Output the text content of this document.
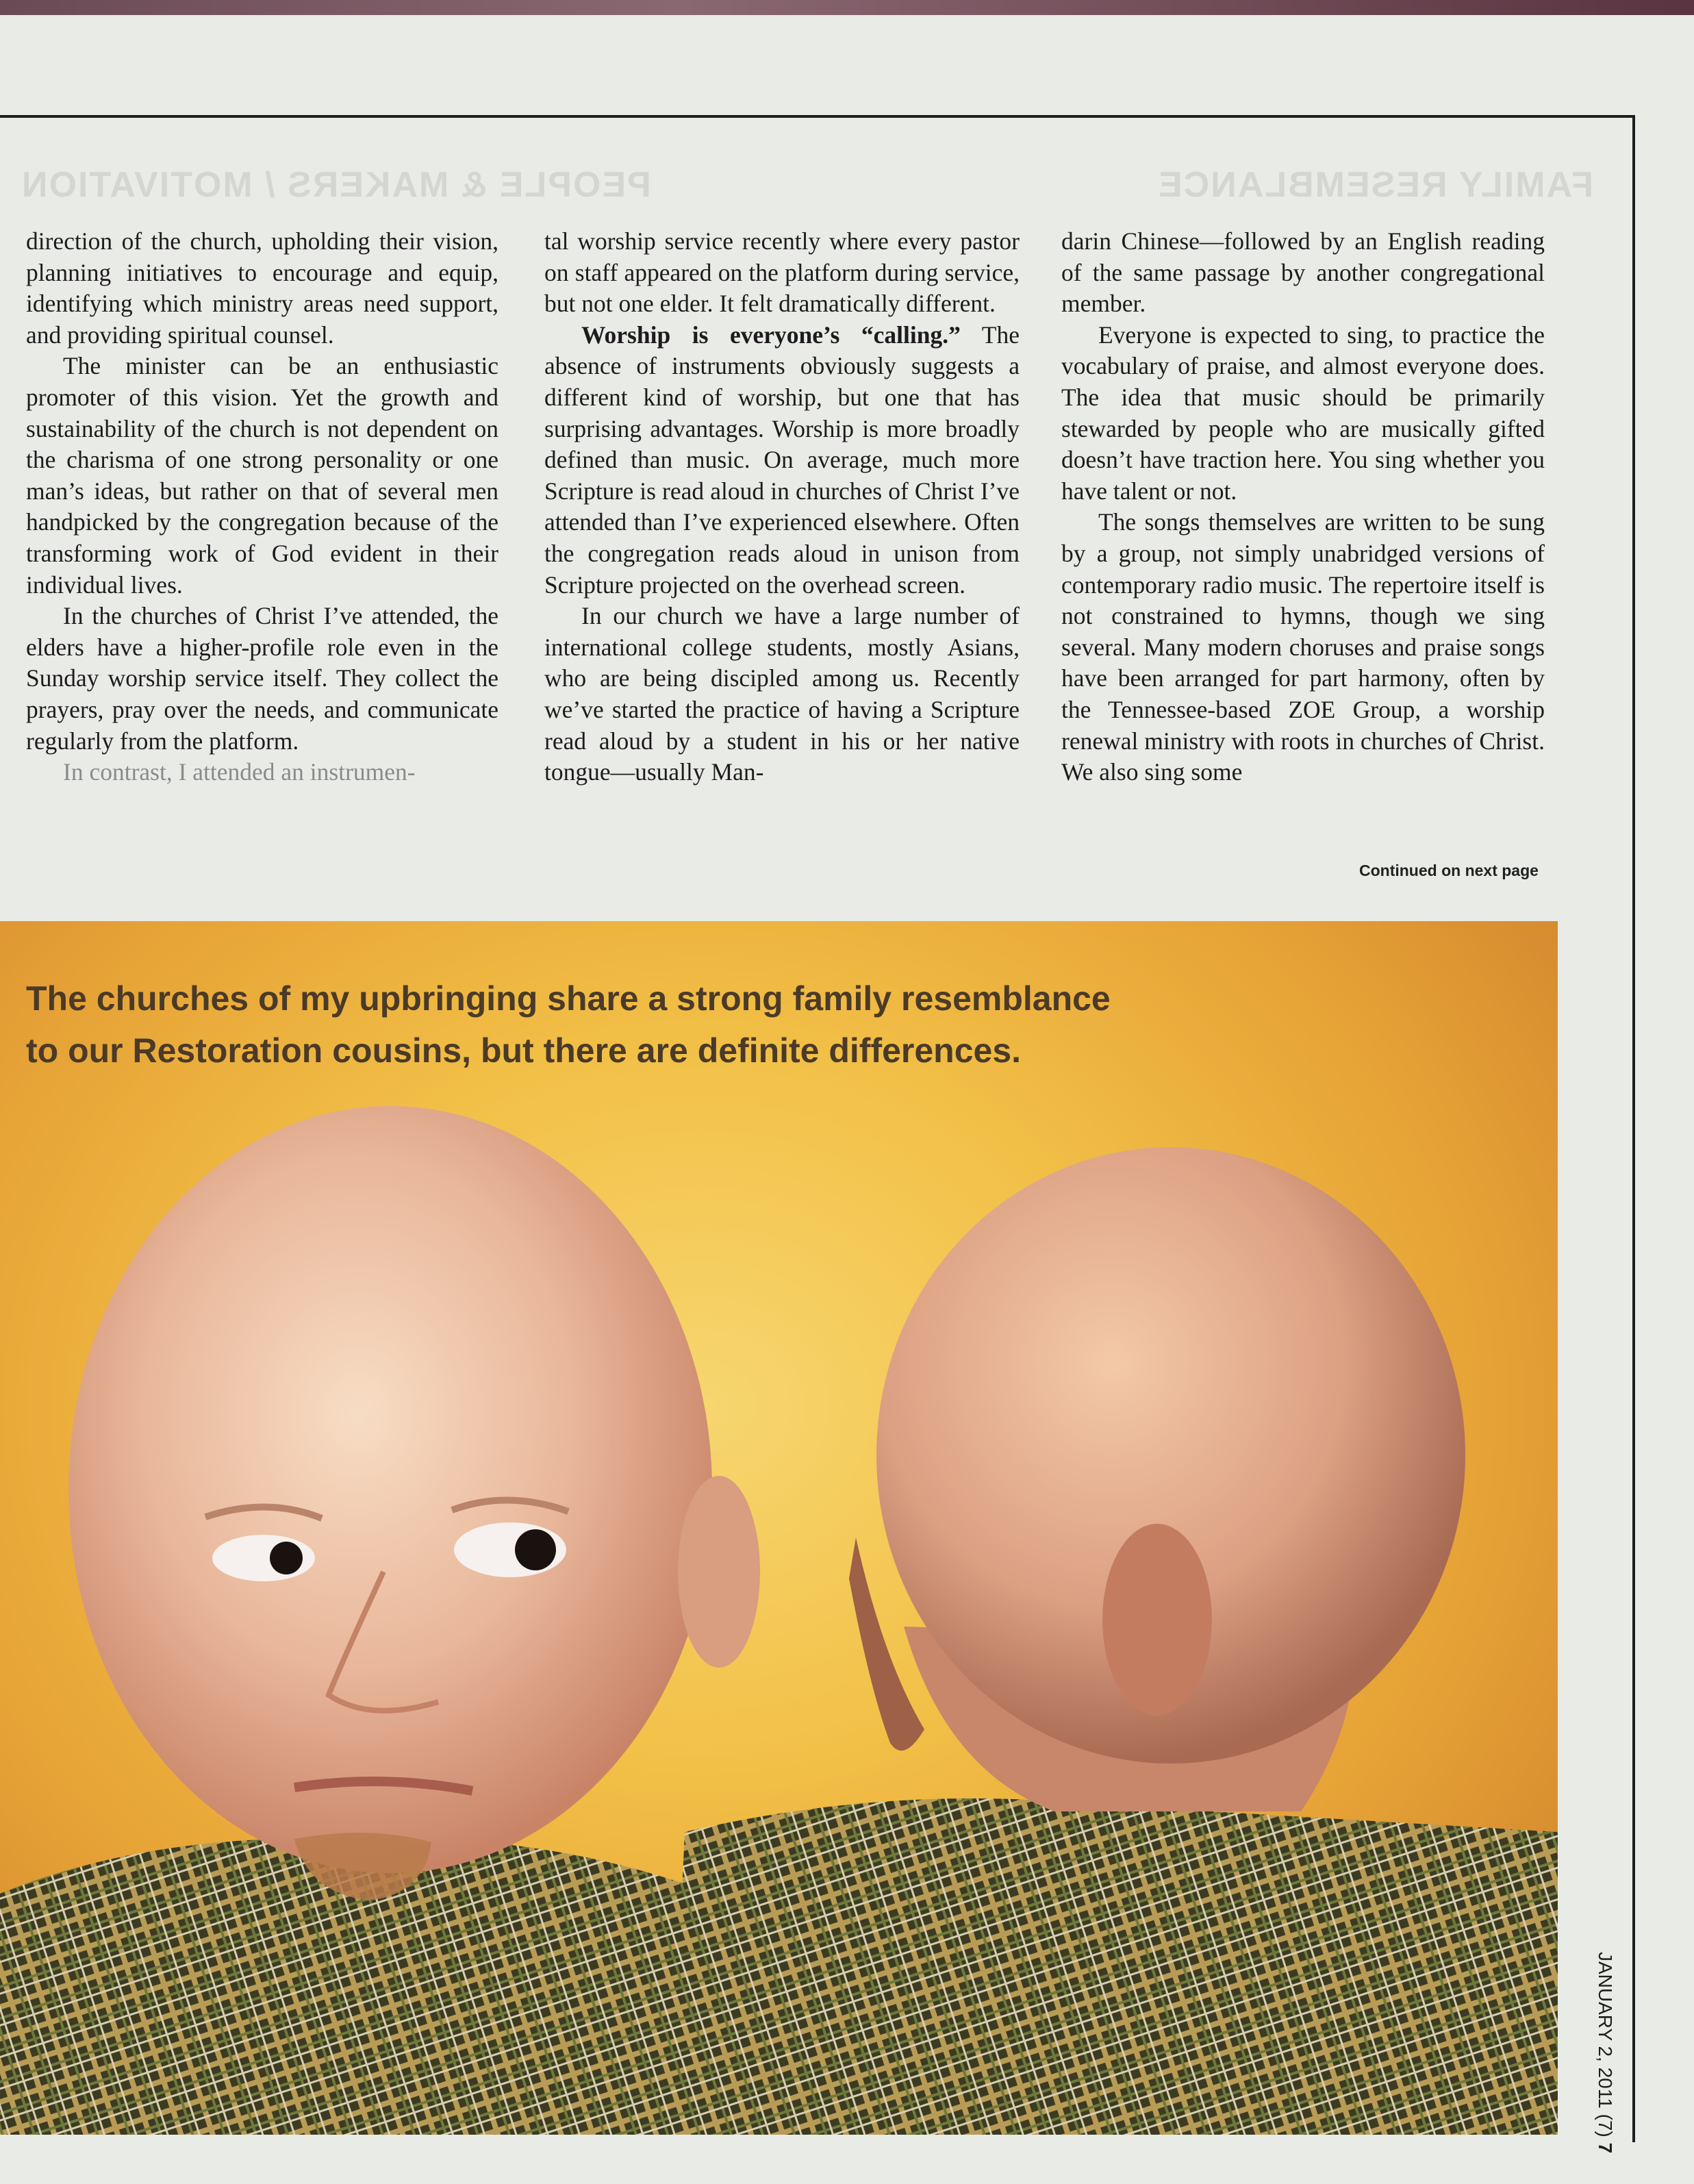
PEOPLE & MAKERS / MOTIVATION	FAMILY RESEMBLANCE

direction of the church, upholding their vision, planning initiatives to encourage and equip, identifying which ministry areas need support, and providing spiritual counsel.

The minister can be an enthusiastic promoter of this vision. Yet the growth and sustainability of the church is not dependent on the charisma of one strong personality or one man’s ideas, but rather on that of several men handpicked by the congregation because of the transforming work of God evident in their individual lives.

In the churches of Christ I’ve attended, the elders have a higher-profile role even in the Sunday worship service itself. They collect the prayers, pray over the needs, and communicate regularly from the platform.

In contrast, I attended an instrumen-

tal worship service recently where every pastor on staff appeared on the platform during service, but not one elder. It felt dramatically different.

Worship is everyone’s “calling.” The absence of instruments obviously suggests a different kind of worship, but one that has surprising advantages. Worship is more broadly defined than music. On average, much more Scripture is read aloud in churches of Christ I’ve attended than I’ve experienced elsewhere. Often the congregation reads aloud in unison from Scripture projected on the overhead screen.

In our church we have a large number of international college students, mostly Asians, who are being discipled among us. Recently we’ve started the practice of having a Scripture read aloud by a student in his or her native tongue—usually Man-

darin Chinese—followed by an English reading of the same passage by another congregational member.

Everyone is expected to sing, to practice the vocabulary of praise, and almost everyone does. The idea that music should be primarily stewarded by people who are musically gifted doesn’t have traction here. You sing whether you have talent or not.

The songs themselves are written to be sung by a group, not simply unabridged versions of contemporary radio music. The repertoire itself is not constrained to hymns, though we sing several. Many modern choruses and praise songs have been arranged for part harmony, often by the Tennessee-based ZOE Group, a worship renewal ministry with roots in churches of Christ. We also sing some

Continued on next page
The churches of my upbringing share a strong family resemblance
to our Restoration cousins, but there are definite differences.
JANUARY 2, 2011 (7) 7
